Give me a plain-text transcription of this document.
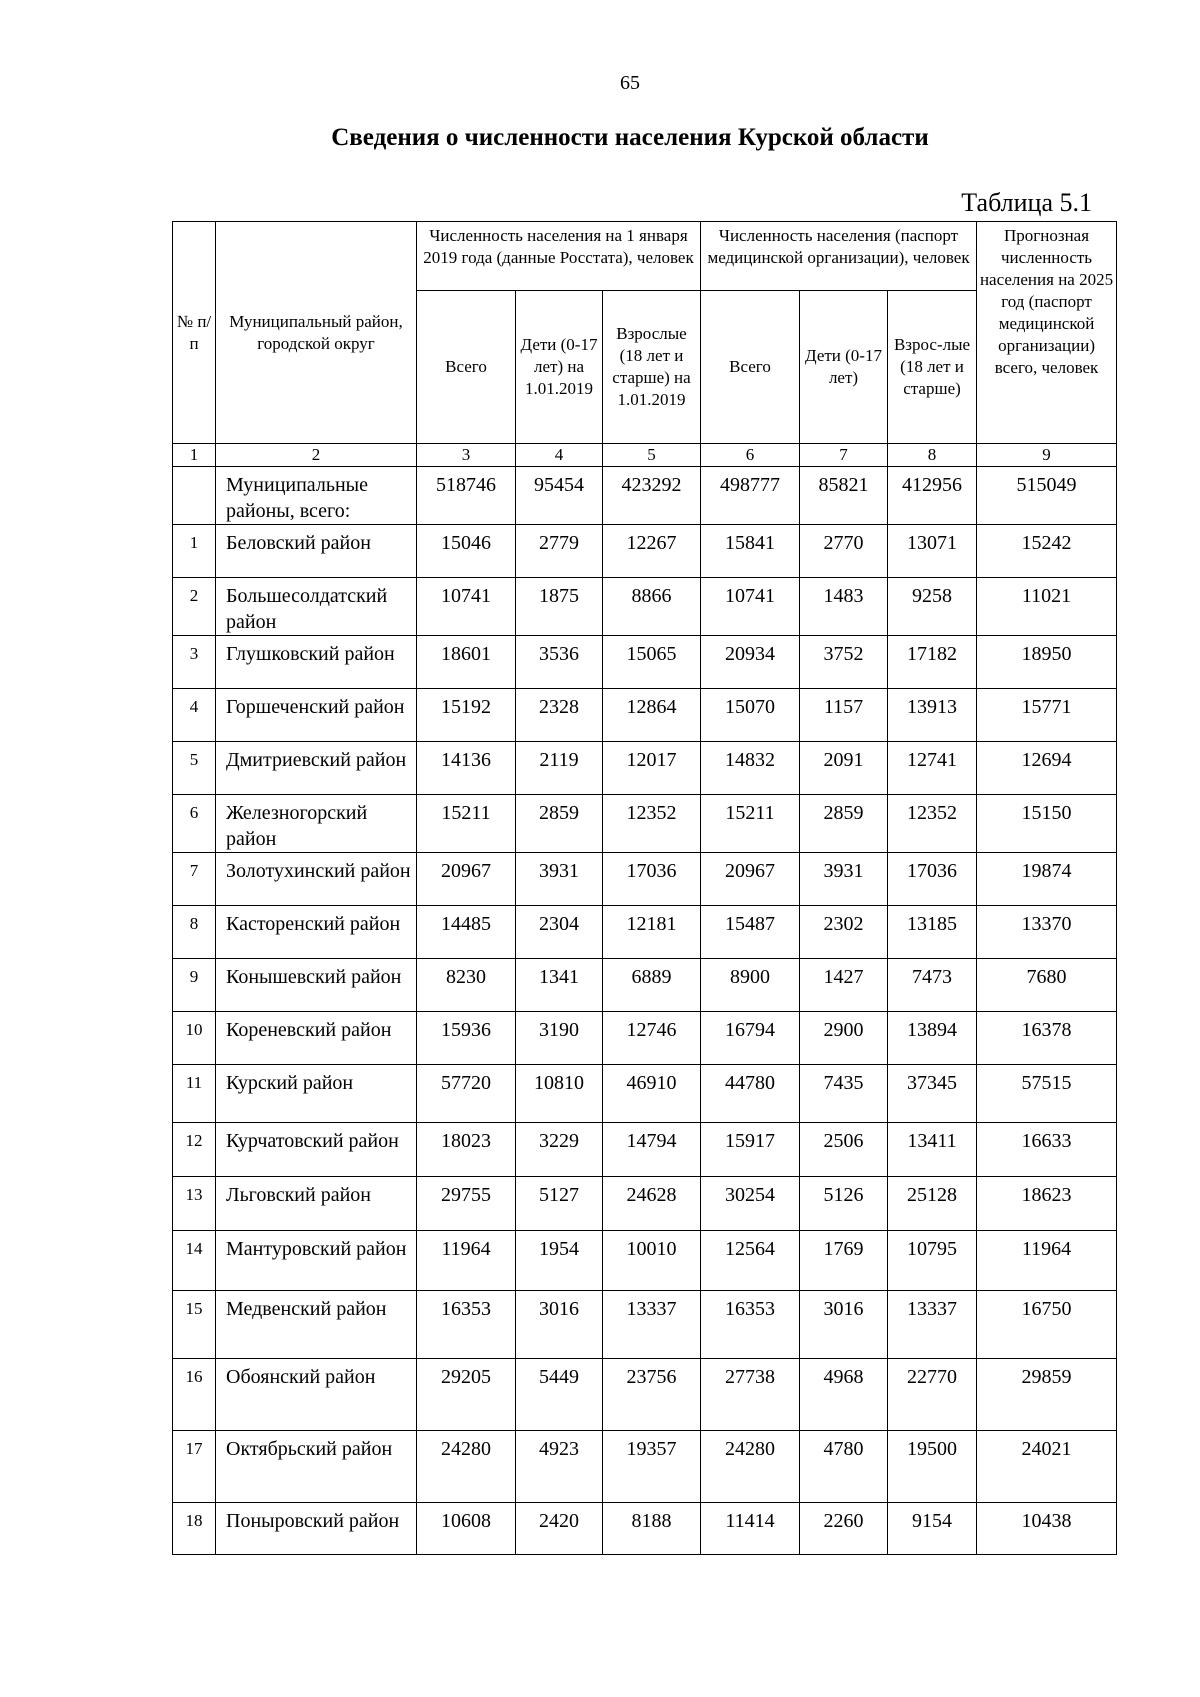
65
Сведения о численности населения Курской области
Таблица 5.1
№ п/п	Муниципальный район, городской округ	Численность населения на 1 января 2019 года (данные Росстата), человек			Численность населения (паспорт медицинской организации), человек			Прогнозная численность населения на 2025 год (паспорт медицинской организации) всего, человек
		Всего	Дети (0-17 лет) на 1.01.2019	Взрослые (18 лет и старше) на 1.01.2019	Всего	Дети (0-17 лет)	Взрос-лые (18 лет и старше)	
1	2	3	4	5	6	7	8	9
	Муниципальные районы, всего:	518746	95454	423292	498777	85821	412956	515049
1	Беловский район	15046	2779	12267	15841	2770	13071	15242
2	Большесолдатский район	10741	1875	8866	10741	1483	9258	11021
3	Глушковский район	18601	3536	15065	20934	3752	17182	18950
4	Горшеченский район	15192	2328	12864	15070	1157	13913	15771
5	Дмитриевский район	14136	2119	12017	14832	2091	12741	12694
6	Железногорский район	15211	2859	12352	15211	2859	12352	15150
7	Золотухинский район	20967	3931	17036	20967	3931	17036	19874
8	Касторенский район	14485	2304	12181	15487	2302	13185	13370
9	Конышевский район	8230	1341	6889	8900	1427	7473	7680
10	Кореневский район	15936	3190	12746	16794	2900	13894	16378
11	Курский район	57720	10810	46910	44780	7435	37345	57515
12	Курчатовский район	18023	3229	14794	15917	2506	13411	16633
13	Льговский район	29755	5127	24628	30254	5126	25128	18623
14	Мантуровский район	11964	1954	10010	12564	1769	10795	11964
15	Медвенский район	16353	3016	13337	16353	3016	13337	16750
16	Обоянский район	29205	5449	23756	27738	4968	22770	29859
17	Октябрьский район	24280	4923	19357	24280	4780	19500	24021
18	Поныровский район	10608	2420	8188	11414	2260	9154	10438
